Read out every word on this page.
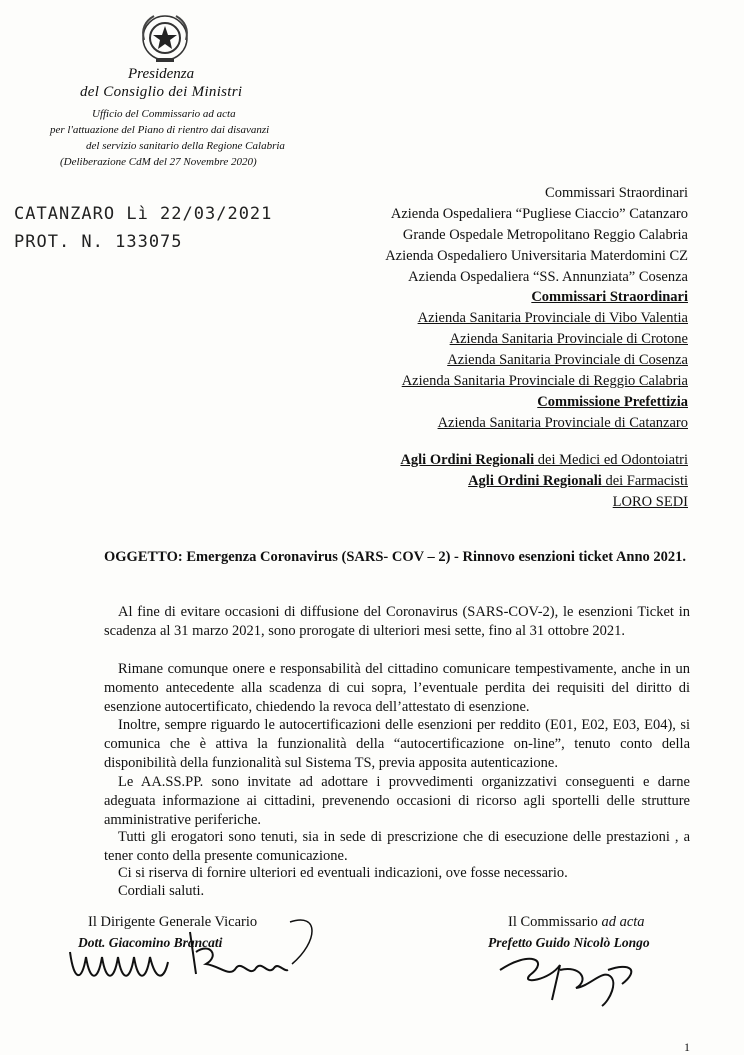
Presidenza
del Consiglio dei Ministri
Ufficio del Commissario ad acta
per l'attuazione del Piano di rientro dai disavanzi
del servizio sanitario della Regione Calabria
(Deliberazione CdM del 27 Novembre 2020)
CATANZARO Lì 22/03/2021
PROT. N. 133075
Commissari Straordinari
Azienda Ospedaliera “Pugliese Ciaccio” Catanzaro
Grande Ospedale Metropolitano Reggio Calabria
Azienda Ospedaliero Universitaria Materdomini CZ
Azienda Ospedaliera “SS. Annunziata” Cosenza
Commissari Straordinari
Azienda Sanitaria Provinciale di Vibo Valentia
Azienda Sanitaria Provinciale di Crotone
Azienda Sanitaria Provinciale di Cosenza
Azienda Sanitaria Provinciale di Reggio Calabria
Commissione Prefettizia
Azienda Sanitaria Provinciale di Catanzaro
Agli Ordini Regionali dei Medici ed Odontoiatri
Agli Ordini Regionali dei Farmacisti
LORO SEDI
OGGETTO: Emergenza Coronavirus (SARS- COV – 2) - Rinnovo esenzioni ticket Anno 2021.
Al fine di evitare occasioni di diffusione del Coronavirus (SARS-COV-2), le esenzioni Ticket in scadenza al 31 marzo 2021, sono prorogate di ulteriori mesi sette, fino al 31 ottobre 2021.
Rimane comunque onere e responsabilità del cittadino comunicare tempestivamente, anche in un momento antecedente alla scadenza di cui sopra, l’eventuale perdita dei requisiti del diritto di esenzione autocertificato, chiedendo la revoca dell’attestato di esenzione.
Inoltre, sempre riguardo le autocertificazioni delle esenzioni per reddito (E01, E02, E03, E04), si comunica che è attiva la funzionalità della “autocertificazione on-line”, tenuto conto della disponibilità della funzionalità sul Sistema TS, previa apposita autenticazione.
Le AA.SS.PP. sono invitate ad adottare i provvedimenti organizzativi conseguenti e darne adeguata informazione ai cittadini, prevenendo occasioni di ricorso agli sportelli delle strutture amministrative periferiche.
Tutti gli erogatori sono tenuti, sia in sede di prescrizione che di esecuzione delle prestazioni , a tener conto della presente comunicazione.
Ci si riserva di fornire ulteriori ed eventuali indicazioni, ove fosse necessario.
Cordiali saluti.
Il Dirigente Generale Vicario
Dott. Giacomino Brancati
Il Commissario ad acta
Prefetto Guido Nicolò Longo
1
